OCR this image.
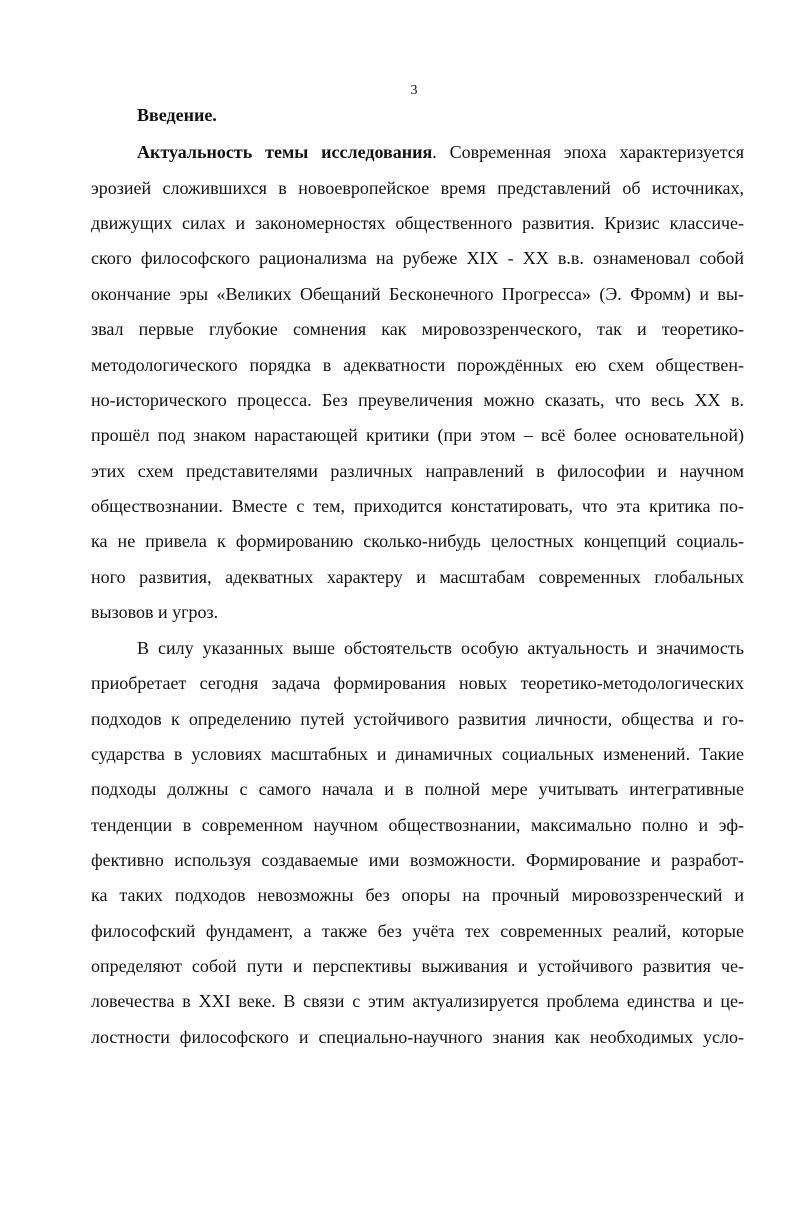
3
Введение.
Актуальность темы исследования. Современная эпоха характеризуется
эрозией сложившихся в новоевропейское время представлений об источниках,
движущих силах и закономерностях общественного развития. Кризис классиче-
ского философского рационализма на рубеже XIX - XX в.в. ознаменовал собой
окончание эры «Великих Обещаний Бесконечного Прогресса» (Э. Фромм) и вы-
звал первые глубокие сомнения как мировоззренческого, так и теоретико-
методологического порядка в адекватности порождённых ею схем обществен-
но-исторического процесса. Без преувеличения можно сказать, что весь XX в.
прошёл под знаком нарастающей критики (при этом – всё более основательной)
этих схем представителями различных направлений в философии и научном
обществознании. Вместе с тем, приходится констатировать, что эта критика по-
ка не привела к формированию сколько-нибудь целостных концепций социаль-
ного развития, адекватных характеру и масштабам современных глобальных
вызовов и угроз.
В силу указанных выше обстоятельств особую актуальность и значимость
приобретает сегодня задача формирования новых теоретико-методологических
подходов к определению путей устойчивого развития личности, общества и го-
сударства в условиях масштабных и динамичных социальных изменений. Такие
подходы должны с самого начала и в полной мере учитывать интегративные
тенденции в современном научном обществознании, максимально полно и эф-
фективно используя создаваемые ими возможности. Формирование и разработ-
ка таких подходов невозможны без опоры на прочный мировоззренческий и
философский фундамент, а также без учёта тех современных реалий, которые
определяют собой пути и перспективы выживания и устойчивого развития че-
ловечества в XXI веке. В связи с этим актуализируется проблема единства и це-
лостности философского и специально-научного знания как необходимых усло-
